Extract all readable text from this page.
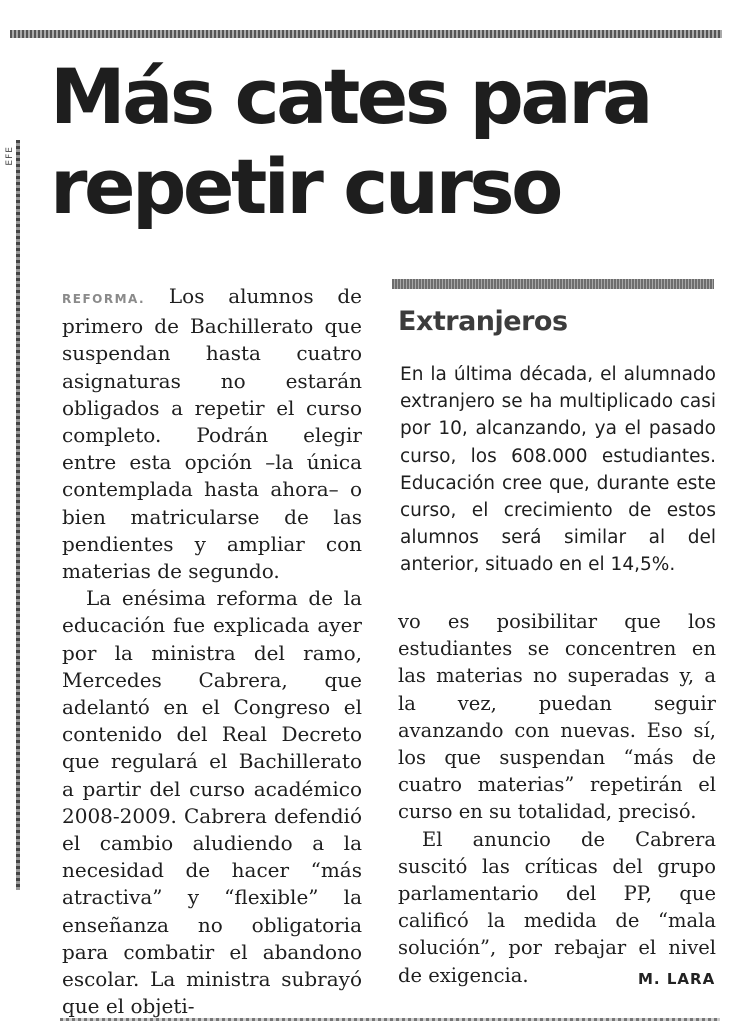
EFE
Más cates para repetir curso

REFORMA. Los alumnos de primero de Bachillerato que suspendan hasta cuatro asignaturas no estarán obligados a repetir el curso completo. Podrán elegir entre esta opción –la única contemplada hasta ahora– o bien matricularse de las pendientes y ampliar con materias de segundo.

La enésima reforma de la educación fue explicada ayer por la ministra del ramo, Mercedes Cabrera, que adelantó en el Congreso el contenido del Real Decreto que regulará el Bachillerato a partir del curso académico 2008-2009. Cabrera defendió el cambio aludiendo a la necesidad de hacer “más atractiva” y “flexible” la enseñanza no obligatoria para combatir el abandono escolar. La ministra subrayó que el objeti-

Extranjeros

En la última década, el alumnado extranjero se ha multiplicado casi por 10, alcanzando, ya el pasado curso, los 608.000 estudiantes. Educación cree que, durante este curso, el crecimiento de estos alumnos será similar al del anterior, situado en el 14,5%.

vo es posibilitar que los estudiantes se concentren en las materias no superadas y, a la vez, puedan seguir avanzando con nuevas. Eso sí, los que suspendan “más de cuatro materias” repetirán el curso en su totalidad, precisó.

El anuncio de Cabrera suscitó las críticas del grupo parlamentario del PP, que calificó la medida de “mala solución”, por rebajar el nivel de exigencia.	M. LARA
